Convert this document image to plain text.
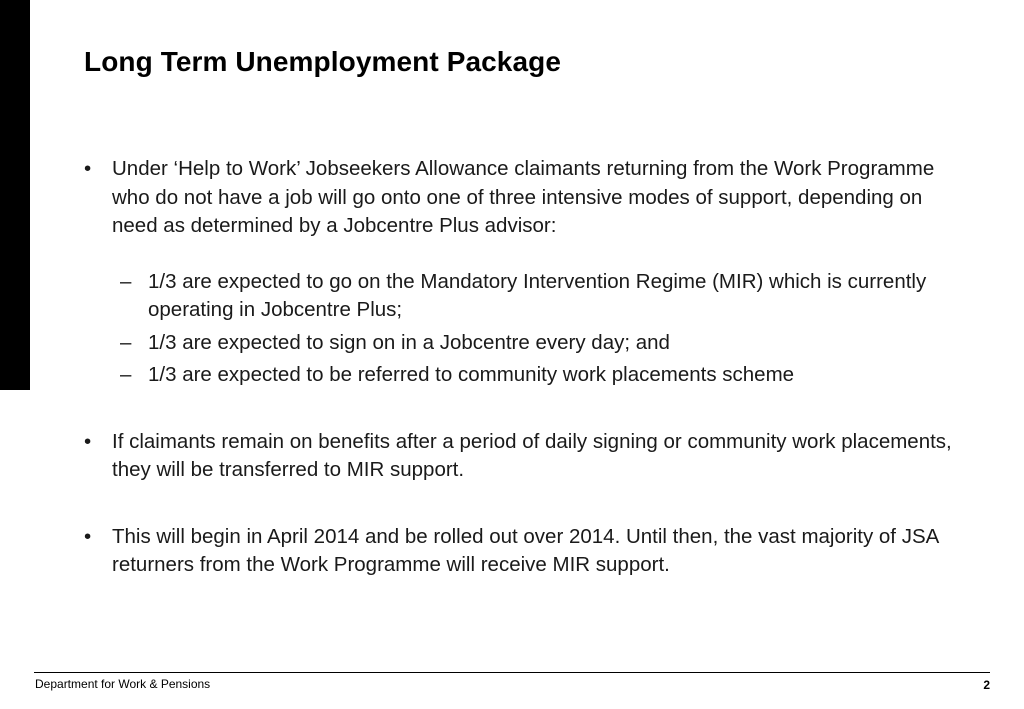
Long Term Unemployment Package
• Under ‘Help to Work’ Jobseekers Allowance claimants returning from the Work Programme who do not have a job will go onto one of three intensive modes of support, depending on need as determined by a Jobcentre Plus advisor:
– 1/3 are expected to go on the Mandatory Intervention Regime (MIR) which is currently operating in Jobcentre Plus;
– 1/3 are expected to sign on in a Jobcentre every day; and
– 1/3 are expected to be referred to community work placements scheme
• If claimants remain on benefits after a period of daily signing or community work placements, they will be transferred to MIR support.
• This will begin in April 2014 and be rolled out over 2014. Until then, the vast majority of JSA returners from the Work Programme will receive MIR support.
Department for Work & Pensions	2
